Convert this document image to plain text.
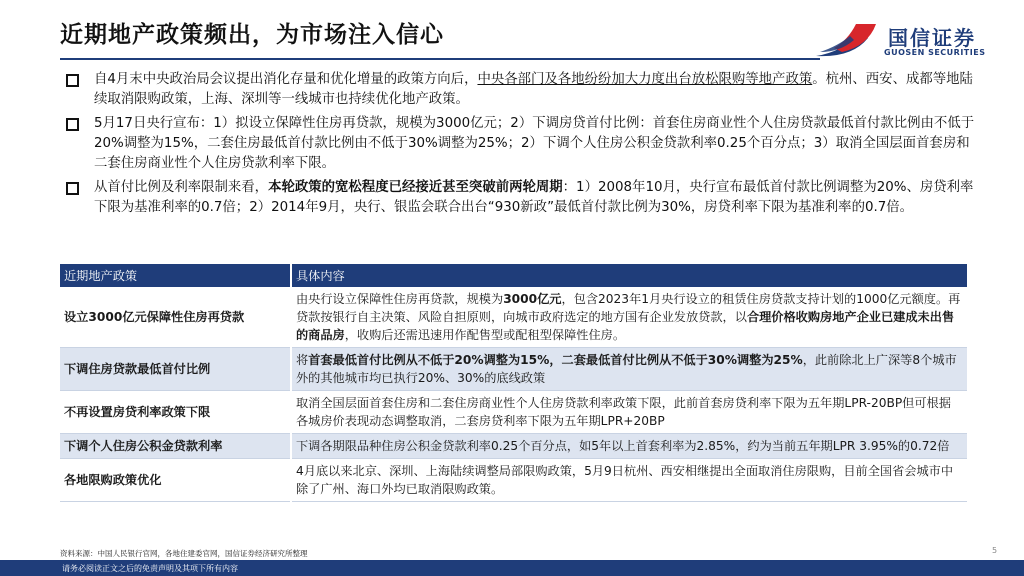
近期地产政策频出，为市场注入信心	国信证券
GUOSEN SECURITIES
自4月末中央政治局会议提出消化存量和优化增量的政策方向后，中央各部门及各地纷纷加大力度出台放松限购等地产政策。杭州、西安、成都等地陆续取消限购政策，上海、深圳等一线城市也持续优化地产政策。
5月17日央行宣布：1）拟设立保障性住房再贷款，规模为3000亿元；2）下调房贷首付比例：首套住房商业性个人住房贷款最低首付款比例由不低于20%调整为15%，二套住房最低首付款比例由不低于30%调整为25%；2）下调个人住房公积金贷款利率0.25个百分点；3）取消全国层面首套房和二套住房商业性个人住房贷款利率下限。
从首付比例及利率限制来看，本轮政策的宽松程度已经接近甚至突破前两轮周期：1）2008年10月，央行宣布最低首付款比例调整为20%、房贷利率下限为基准利率的0.7倍；2）2014年9月，央行、银监会联合出台“930新政”最低首付款比例为30%，房贷利率下限为基准利率的0.7倍。
近期地产政策	具体内容
设立3000亿元保障性住房再贷款	由央行设立保障性住房再贷款，规模为3000亿元，包含2023年1月央行设立的租赁住房贷款支持计划的1000亿元额度。再贷款按银行自主决策、风险自担原则，向城市政府选定的地方国有企业发放贷款，以合理价格收购房地产企业已建成未出售的商品房，收购后还需迅速用作配售型或配租型保障性住房。
下调住房贷款最低首付比例	将首套最低首付比例从不低于20%调整为15%，二套最低首付比例从不低于30%调整为25%，此前除北上广深等8个城市外的其他城市均已执行20%、30%的底线政策
不再设置房贷利率政策下限	取消全国层面首套住房和二套住房商业性个人住房贷款利率政策下限，此前首套房贷利率下限为五年期LPR-20BP但可根据各城房价表现动态调整取消，二套房贷利率下限为五年期LPR+20BP
下调个人住房公积金贷款利率	下调各期限品种住房公积金贷款利率0.25个百分点，如5年以上首套利率为2.85%，约为当前五年期LPR 3.95%的0.72倍
各地限购政策优化	4月底以来北京、深圳、上海陆续调整局部限购政策，5月9日杭州、西安相继提出全面取消住房限购，目前全国省会城市中除了广州、海口外均已取消限购政策。
资料来源：中国人民银行官网，各地住建委官网，国信证券经济研究所整理	5
请务必阅读正文之后的免责声明及其项下所有内容
